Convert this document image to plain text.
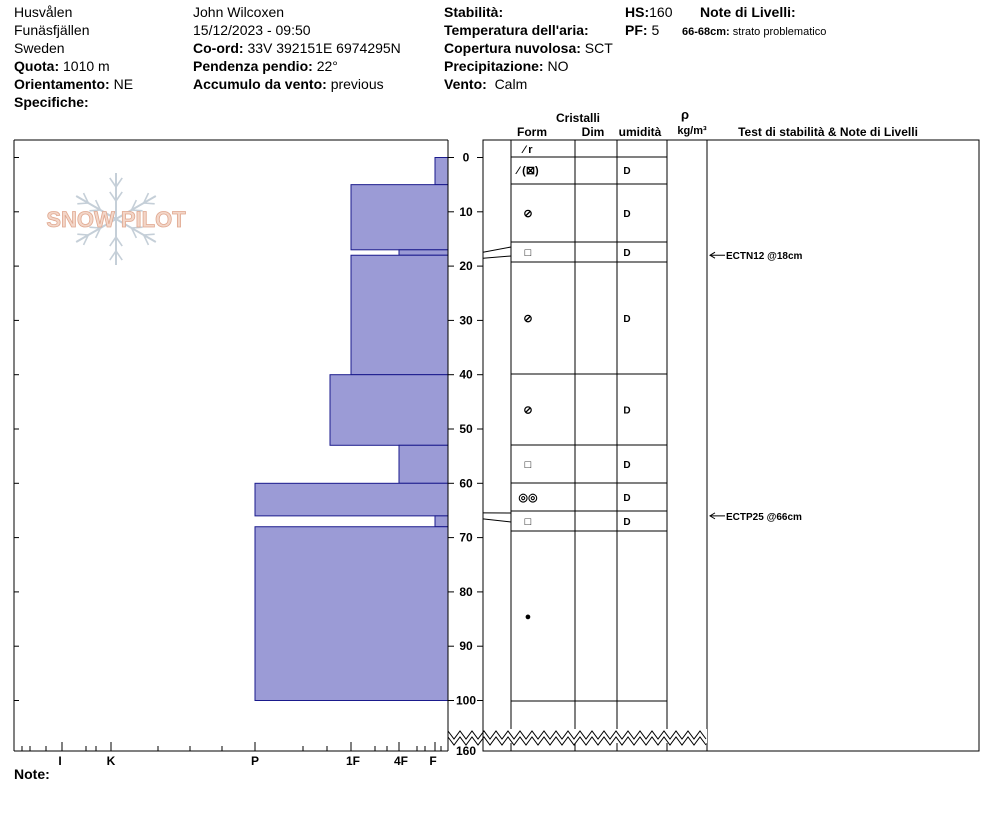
Husvålen
Funäsfjällen
Sweden
Quota: 1010 m
Orientamento: NE
Specifiche:
John Wilcoxen
15/12/2023 - 09:50
Co-ord: 33V 392151E 6974295N
Pendenza pendio: 22°
Accumulo da vento: previous
Stabilità:
Temperatura dell'aria:
Copertura nuvolosa: SCT
Precipitazione: NO
Vento: Calm
HS:160
PF: 5
Note di Livelli:
66-68cm: strato problematico
Note:
SNOW PILOT
Cristalli
Form	Dim umidità
ρ
kg/m³	Test di stabilità & Note di Livelli
I	K	P	1F	4F F
0
10
20
30
40
50
60
70
80
90
100
160
⁄ r
⁄ (⊠)	D
⊘	D
□	D
⊘	D
⊘	D
□	D
◎◎	D
□	D
●
ECTN12 @18cm
ECTP25 @66cm
